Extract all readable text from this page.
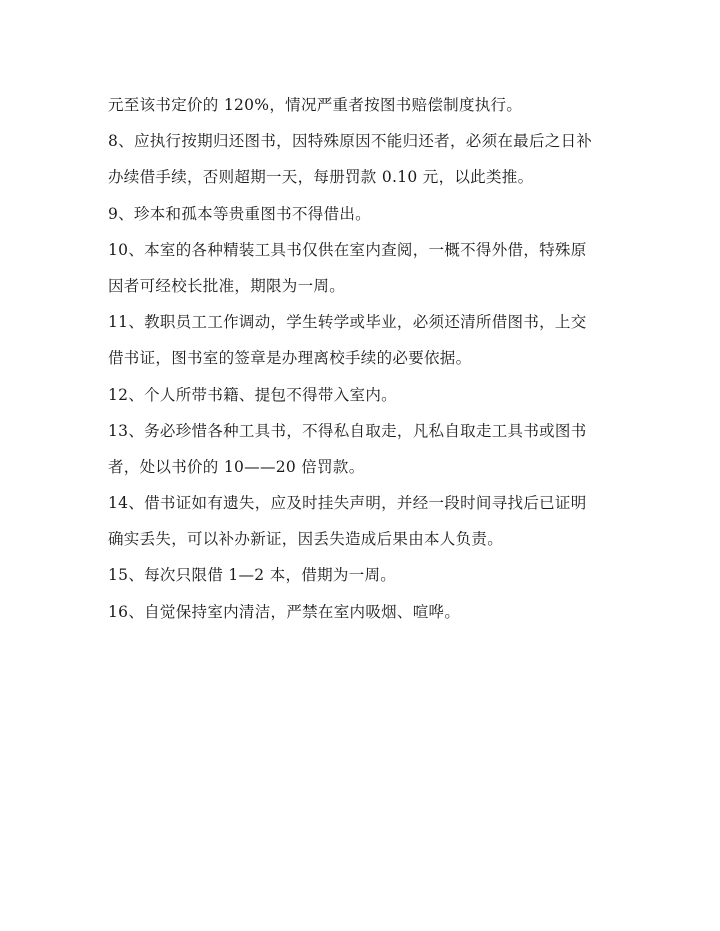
元至该书定价的 120%，情况严重者按图书赔偿制度执行。
8、应执行按期归还图书，因特殊原因不能归还者，必须在最后之日补
办续借手续，否则超期一天，每册罚款 0.10 元，以此类推。
9、珍本和孤本等贵重图书不得借出。
10、本室的各种精装工具书仅供在室内查阅，一概不得外借，特殊原
因者可经校长批准，期限为一周。
11、教职员工工作调动，学生转学或毕业，必须还清所借图书，上交
借书证，图书室的签章是办理离校手续的必要依据。
12、个人所带书籍、提包不得带入室内。
13、务必珍惜各种工具书，不得私自取走，凡私自取走工具书或图书
者，处以书价的 10——20 倍罚款。
14、借书证如有遗失，应及时挂失声明，并经一段时间寻找后已证明
确实丢失，可以补办新证，因丢失造成后果由本人负责。
15、每次只限借 1—2 本，借期为一周。
16、自觉保持室内清洁，严禁在室内吸烟、喧哗。
